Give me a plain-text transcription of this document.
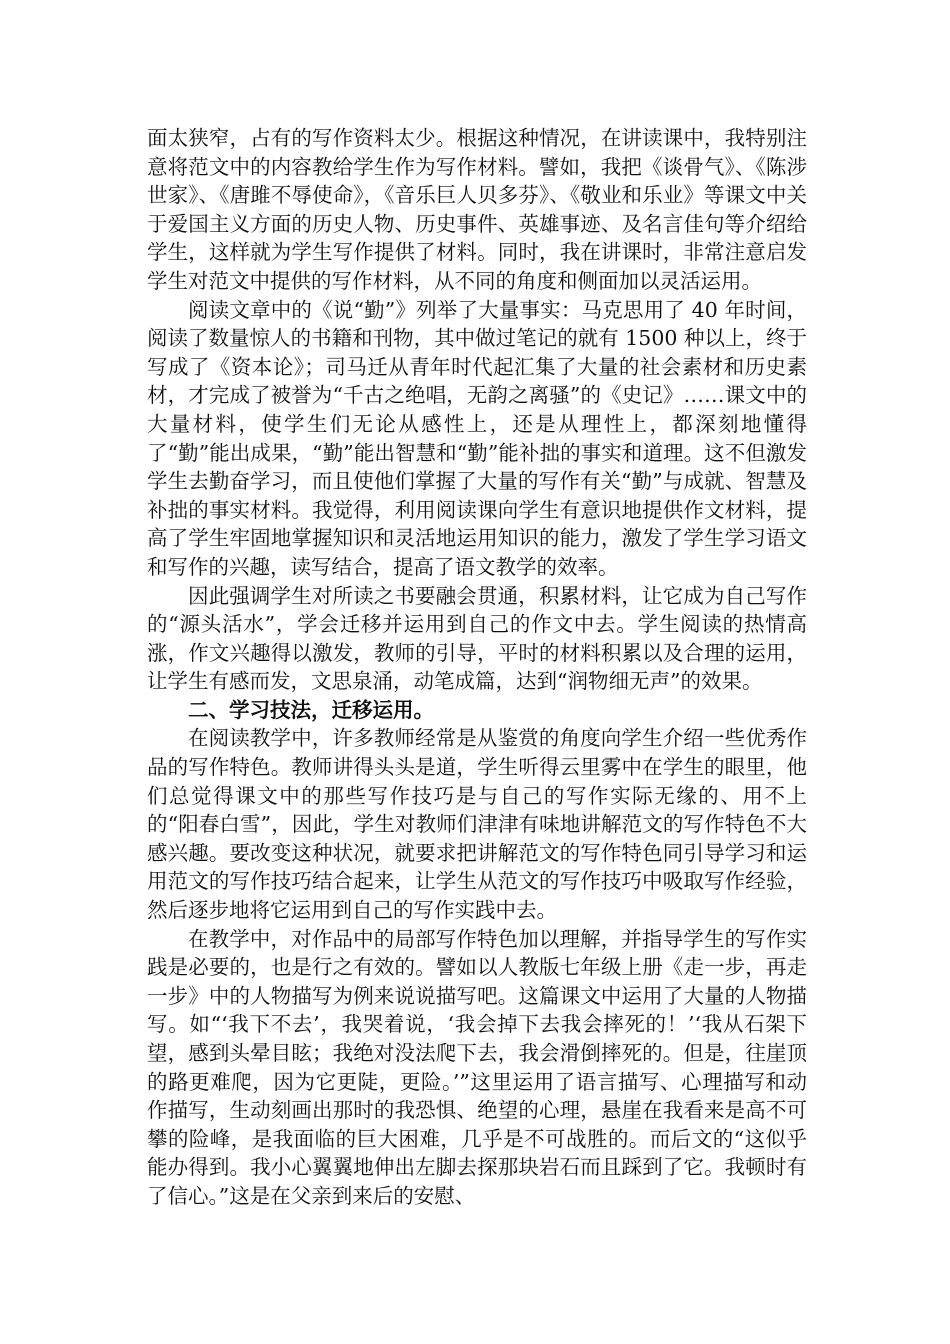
面太狭窄，占有的写作资料太少。根据这种情况，在讲读课中，我特别注意将范文中的内容教给学生作为写作材料。譬如，我把《谈骨气》、《陈涉世家》、《唐雎不辱使命》，《音乐巨人贝多芬》、《敬业和乐业》等课文中关于爱国主义方面的历史人物、历史事件、英雄事迹、及名言佳句等介绍给学生，这样就为学生写作提供了材料。同时，我在讲课时，非常注意启发学生对范文中提供的写作材料，从不同的角度和侧面加以灵活运用。

阅读文章中的《说“勤”》列举了大量事实：马克思用了 40 年时间，阅读了数量惊人的书籍和刊物，其中做过笔记的就有 1500 种以上，终于写成了《资本论》；司马迁从青年时代起汇集了大量的社会素材和历史素材，才完成了被誉为“千古之绝唱，无韵之离骚”的《史记》……课文中的大量材料，使学生们无论从感性上，还是从理性上，都深刻地懂得了“勤”能出成果，“勤”能出智慧和“勤”能补拙的事实和道理。这不但激发学生去勤奋学习，而且使他们掌握了大量的写作有关“勤”与成就、智慧及补拙的事实材料。我觉得，利用阅读课向学生有意识地提供作文材料，提高了学生牢固地掌握知识和灵活地运用知识的能力，激发了学生学习语文和写作的兴趣，读写结合，提高了语文教学的效率。

因此强调学生对所读之书要融会贯通，积累材料，让它成为自己写作的“源头活水”，学会迁移并运用到自己的作文中去。学生阅读的热情高涨，作文兴趣得以激发，教师的引导，平时的材料积累以及合理的运用，让学生有感而发，文思泉涌，动笔成篇，达到“润物细无声”的效果。

二、学习技法，迁移运用。

在阅读教学中，许多教师经常是从鉴赏的角度向学生介绍一些优秀作品的写作特色。教师讲得头头是道，学生听得云里雾中在学生的眼里，他们总觉得课文中的那些写作技巧是与自己的写作实际无缘的、用不上的“阳春白雪”，因此，学生对教师们津津有味地讲解范文的写作特色不大感兴趣。要改变这种状况，就要求把讲解范文的写作特色同引导学习和运用范文的写作技巧结合起来，让学生从范文的写作技巧中吸取写作经验，然后逐步地将它运用到自己的写作实践中去。

在教学中，对作品中的局部写作特色加以理解，并指导学生的写作实践是必要的，也是行之有效的。譬如以人教版七年级上册《走一步，再走一步》中的人物描写为例来说说描写吧。这篇课文中运用了大量的人物描写。如“‘我下不去’，我哭着说，‘我会掉下去我会摔死的！’‘我从石架下望，感到头晕目眩；我绝对没法爬下去，我会滑倒摔死的。但是，往崖顶的路更难爬，因为它更陡，更险。’”这里运用了语言描写、心理描写和动作描写，生动刻画出那时的我恐惧、绝望的心理，悬崖在我看来是高不可攀的险峰，是我面临的巨大困难，几乎是不可战胜的。而后文的“这似乎能办得到。我小心翼翼地伸出左脚去探那块岩石而且踩到了它。我顿时有了信心。”这是在父亲到来后的安慰、
